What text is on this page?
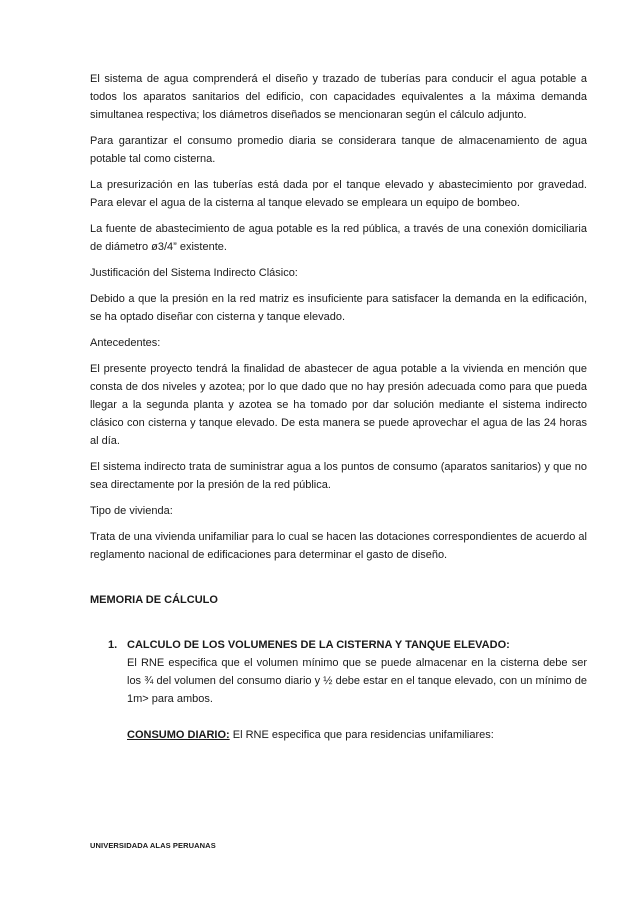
El sistema de agua comprenderá el diseño y trazado de tuberías para conducir el agua potable a todos los aparatos sanitarios del edificio, con capacidades equivalentes a la máxima demanda simultanea respectiva; los diámetros diseñados se mencionaran según el cálculo adjunto.

Para garantizar el consumo promedio diaria se considerara tanque de almacenamiento de agua potable tal como cisterna.

La presurización en las tuberías está dada por el tanque elevado y abastecimiento por gravedad. Para elevar el agua de la cisterna al tanque elevado se empleara un equipo de bombeo.

La fuente de abastecimiento de agua potable es la red pública, a través de una conexión domiciliaria de diámetro ø3/4” existente.

Justificación del Sistema Indirecto Clásico:

Debido a que la presión en la red matriz es insuficiente para satisfacer la demanda en la edificación, se ha optado diseñar con cisterna y tanque elevado.

Antecedentes:

El presente proyecto tendrá la finalidad de abastecer de agua potable a la vivienda en mención que consta de dos niveles y azotea; por lo que dado que no hay presión adecuada como para que pueda llegar a la segunda planta y azotea se ha tomado por dar solución mediante el sistema indirecto clásico con cisterna y tanque elevado. De esta manera se puede aprovechar el agua de las 24 horas al día.

El sistema indirecto trata de suministrar agua a los puntos de consumo (aparatos sanitarios) y que no sea directamente por la presión de la red pública.

Tipo de vivienda:

Trata de una vivienda unifamiliar para lo cual se hacen las dotaciones correspondientes de acuerdo al reglamento nacional de edificaciones para determinar el gasto de diseño.

MEMORIA DE CÁLCULO
1. CALCULO DE LOS VOLUMENES DE LA CISTERNA Y TANQUE ELEVADO:

El RNE especifica que el volumen mínimo que se puede almacenar en la cisterna debe ser los ¾ del volumen del consumo diario y ½ debe estar en el tanque elevado, con un mínimo de 1m> para ambos.

CONSUMO DIARIO: El RNE especifica que para residencias unifamiliares:
UNIVERSIDADA ALAS PERUANAS
